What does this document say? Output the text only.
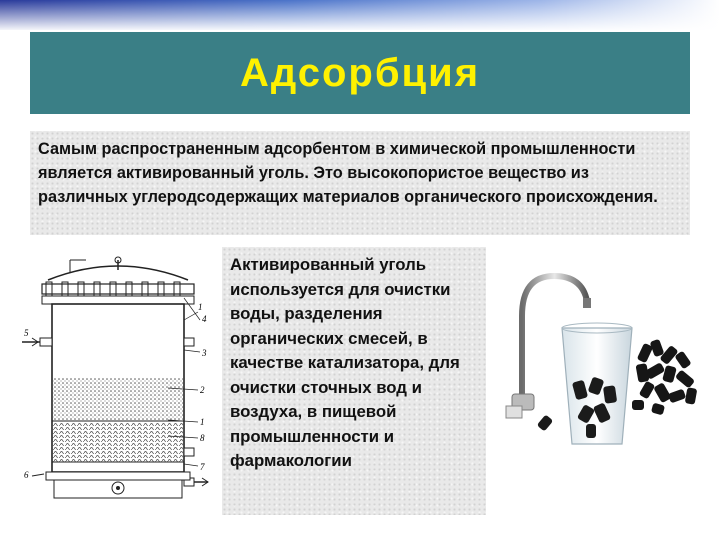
Адсорбция
Самым распространенным адсорбентом в химической промышленности является активированный уголь. Это высокопористое вещество из различных углеродсодержащих материалов органического происхождения.
4
1
3
2
1
8
7
5
6
Активированный уголь используется для очистки воды, разделения органических смесей, в качестве катализатора, для очистки сточных вод и воздуха, в пищевой промышленности и фармакологии
